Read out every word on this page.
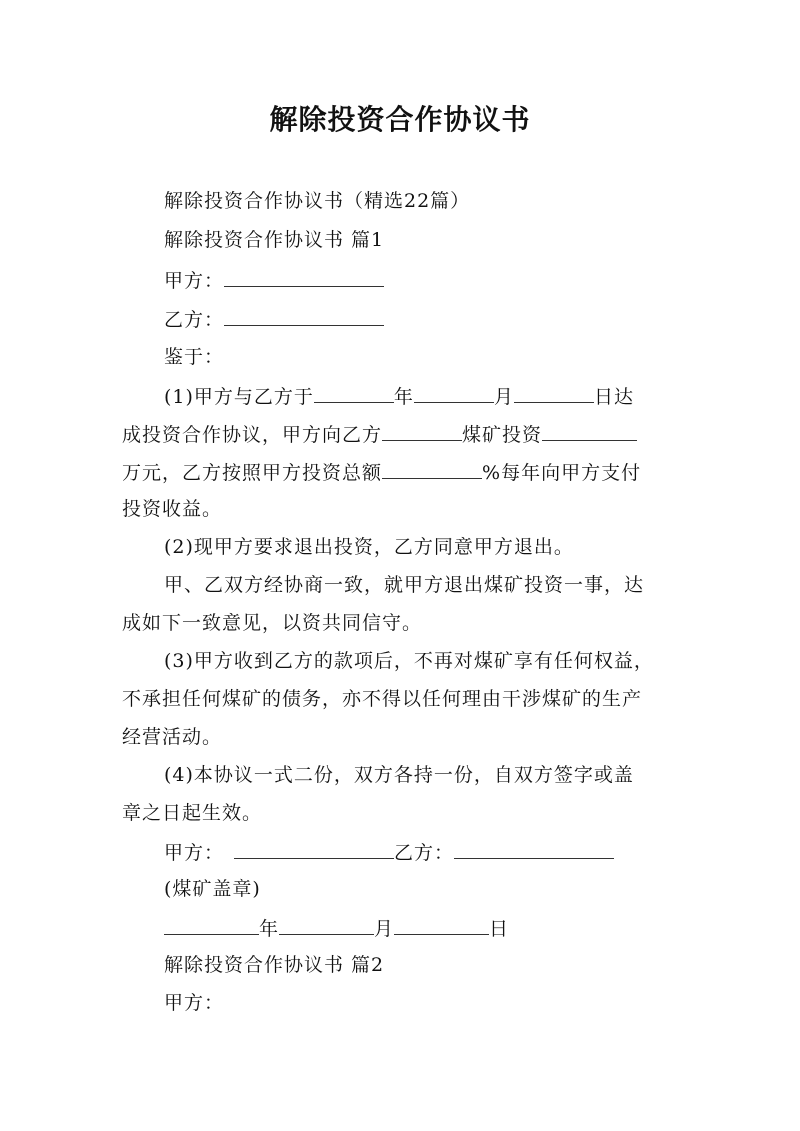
解除投资合作协议书
解除投资合作协议书（精选22篇）
解除投资合作协议书 篇1
甲方：
乙方：
鉴于：
(1)甲方与乙方于	年	月	日达
成投资合作协议，甲方向乙方	煤矿投资
万元，乙方按照甲方投资总额	%每年向甲方支付
投资收益。
(2)现甲方要求退出投资，乙方同意甲方退出。
甲、乙双方经协商一致，就甲方退出煤矿投资一事，达
成如下一致意见，以资共同信守。
(3)甲方收到乙方的款项后，不再对煤矿享有任何权益，
不承担任何煤矿的债务，亦不得以任何理由干涉煤矿的生产
经营活动。
(4)本协议一式二份，双方各持一份，自双方签字或盖
章之日起生效。
甲方：	乙方：
(煤矿盖章)
年	月	日
解除投资合作协议书 篇2
甲方：
